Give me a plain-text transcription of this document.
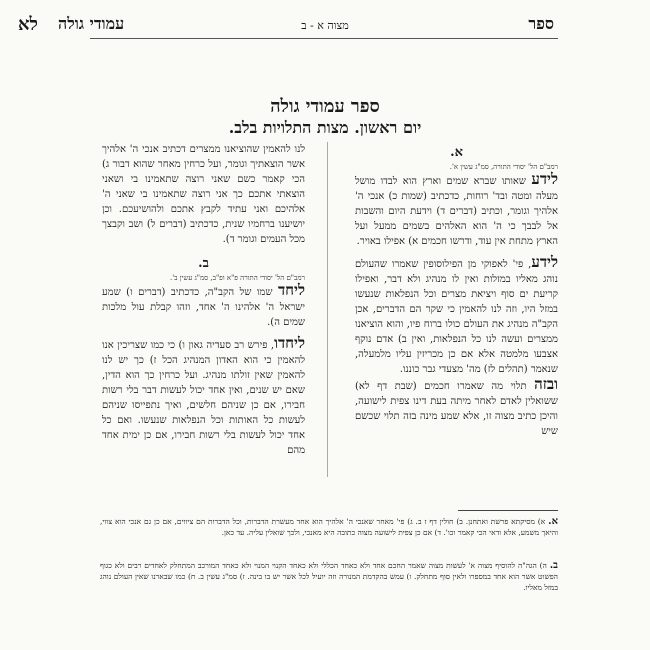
ספר
מצוה א - ב
עמודי גולה
לא
ספר עמודי גולה
יום ראשון. מצות התלויות בלב.
א.
רמב"ם הל' יסודי התורה, סמ"ג עשין א'.
לידע שאותו שברא שמים וארץ הוא לבדו מושל מעלה ומטה ובד' רוחות, כדכתיב (שמות כ) אנכי ה' אלהיך וגומר, וכתיב (דברים ד) וידעת היום והשבות אל לבבך כי ה' הוא האלהים בשמים ממעל ועל הארץ מתחת אין עוד, ודרשו חכמים א) אפילו באויר.
לידע, פי' לאפוקי מן הפילוסופין שאמרו שהעולם נוהג מאליו במזלות ואין לו מנהיג ולא דבר, ואפילו קריעת ים סוף ויציאת מצרים וכל הנפלאות שנעשו במזל היו, וזה לנו להאמין כי שקר הם הדברים, אכן הקב"ה מנהיג את העולם כולו ברוח פיו, והוא הוציאנו ממצרים ועשה לנו כל הנפלאות, ואין ב) אדם נוקף אצבעו מלמטה אלא אם כן מכריזין עליו מלמעלה, שנאמר (תהלים לז) מה' מצעדי גבר כוננו.
ובזה תלוי מה שאמרו חכמים (שבת דף לא) ששואלין לאדם לאחר מיתה בעת דינו צפית לישועה, והיכן כתיב מצוה זו, אלא שמע מינה בזה תלוי שכשם שיש
לנו להאמין שהוציאנו ממצרים דכתיב אנכי ה' אלהיך אשר הוצאתיך וגומר, ועל כרחין מאחר שהוא דבור ג) הכי קאמר כשם שאני רוצה שתאמינו בי ושאני הוצאתי אתכם כך אני רוצה שתאמינו בי שאני ה' אלהיכם ואני עתיד לקבץ אתכם ולהושיעכם. וכן יושיענו ברחמיו שנית, כדכתיב (דברים ל) ושב וקבצך מכל העמים וגומר ד).
ב.
רמב"ם הל' יסודי התורה פ"א ופ"ב, סמ"ג עשין ב'.
ליחד שמו של הקב"ה, כדכתיב (דברים ו) שמע ישראל ה' אלהינו ה' אחד, וזהו קבלת עול מלכות שמים ה).
ליחדו, פירש רב סעדיה גאון ו) כי כמו שצריכין אנו להאמין כי הוא האדון המנהיג הכל ז) כך יש לנו להאמין שאין זולתו מנהיג. ועל כרחין כך הוא הדין, שאם יש שנים, ואין אחד יכול לעשות דבר בלי רשות חבירו, אם כן שניהם חלשים, ואיך נתפייסו שניהם לעשות כל האותות וכל הנפלאות שנעשו. ואם כל אחד יכול לעשות בלי רשות חבירו, אם כן ימית אחד מהם
א. א) מסיקתא פרשת ואתחנן. ב) חולין דף ז ב. ג) פי' מאחר שאנכי ה' אלהיך הוא אחד מעשרת הדברות, וכל הדברות הם ציווים, אם כן גם אנכי הוא צווי, והיאך משמע, אלא ודאי הכי קאמר וכו'. ד) אם כן צפית לישועה מצוה כתובה היא מאנכי, ולכך שואלין עליה. עד כאן.
ב. ה) הגה"ה להוסיף מצוה א' לעשות מצוה שאמר החכם אחד ולא כאחד הכללי ולא כאחד הקנוי המנוי ולא כאחד המורכב המתחלק לאחדים רבים ולא כגוף הפשוט אשר הוא אחד במספרו ולאין סוף מתחלק. ו) עמש בהקדמת המנורה וזה יועיל לכל אשר יש בו בינה. ז) סמ"ג עשין ב. ח) כמו שבארנו שאין העולם נוהג במזל מאליו.
